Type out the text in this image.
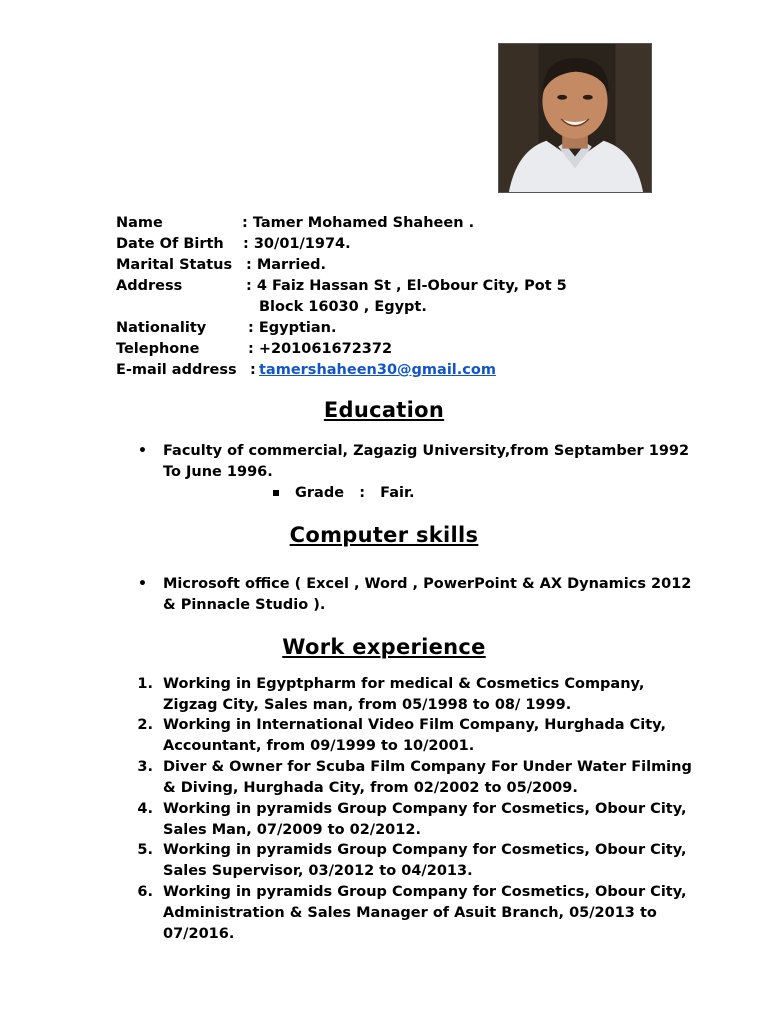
Name	: Tamer Mohamed Shaheen .
Date Of Birth : 30/01/1974.
Marital Status : Married.
Address	: 4 Faiz Hassan St , El-Obour City, Pot 5
Block 16030 , Egypt.
Nationality	: Egyptian.
Telephone	: +201061672372
E-mail address : tamershaheen30@gmail.com
Education
• Faculty of commercial, Zagazig University,from Septamber 1992
To June 1996.
Grade   :   Fair.
Computer skills
• Microsoft office ( Excel , Word , PowerPoint & AX Dynamics 2012
& Pinnacle Studio ).
Work experience
1. Working in Egyptpharm for medical & Cosmetics Company,
Zigzag City, Sales man, from 05/1998 to 08/ 1999.
2. Working in International Video Film Company, Hurghada City,
Accountant, from 09/1999 to 10/2001.
3. Diver & Owner for Scuba Film Company For Under Water Filming
& Diving, Hurghada City, from 02/2002 to 05/2009.
4. Working in pyramids Group Company for Cosmetics, Obour City,
Sales Man, 07/2009 to 02/2012.
5. Working in pyramids Group Company for Cosmetics, Obour City,
Sales Supervisor, 03/2012 to 04/2013.
6. Working in pyramids Group Company for Cosmetics, Obour City,
Administration & Sales Manager of Asuit Branch, 05/2013 to
07/2016.
